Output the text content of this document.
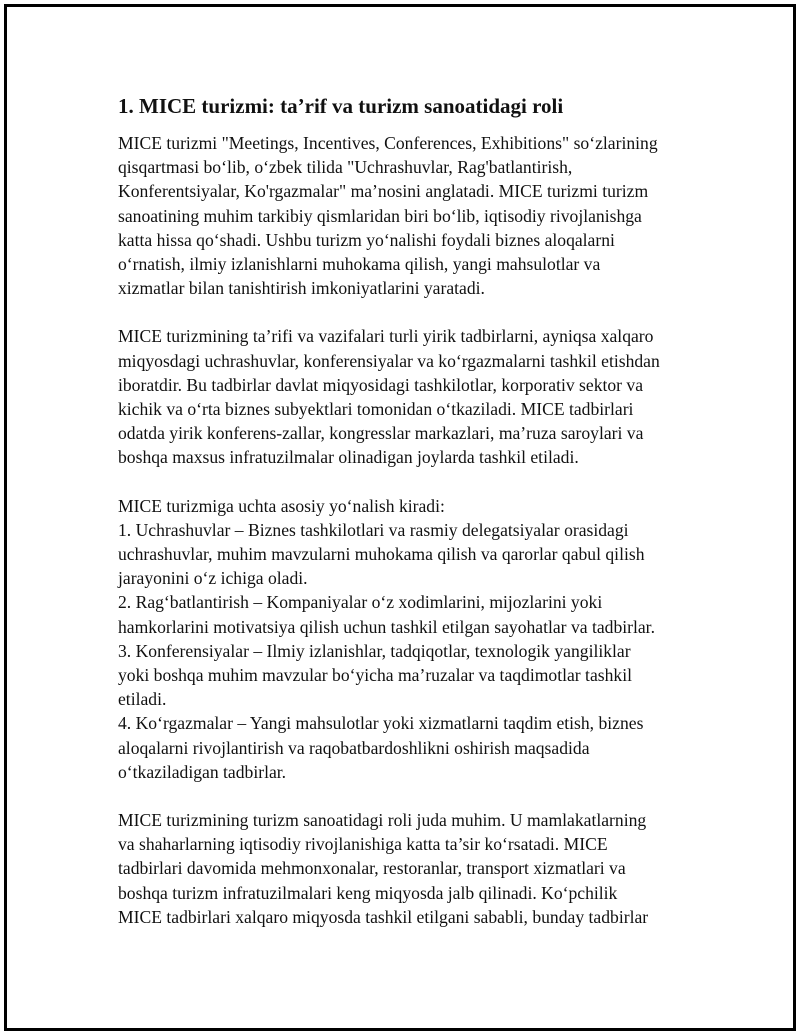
1. MICE turizmi: ta’rif va turizm sanoatidagi roli
MICE turizmi "Meetings, Incentives, Conferences, Exhibitions" so‘zlarining
qisqartmasi bo‘lib, o‘zbek tilida "Uchrashuvlar, Rag'batlantirish,
Konferentsiyalar, Ko'rgazmalar" ma’nosini anglatadi. MICE turizmi turizm
sanoatining muhim tarkibiy qismlaridan biri bo‘lib, iqtisodiy rivojlanishga
katta hissa qo‘shadi. Ushbu turizm yo‘nalishi foydali biznes aloqalarni
o‘rnatish, ilmiy izlanishlarni muhokama qilish, yangi mahsulotlar va
xizmatlar bilan tanishtirish imkoniyatlarini yaratadi.
MICE turizmining ta’rifi va vazifalari turli yirik tadbirlarni, ayniqsa xalqaro
miqyosdagi uchrashuvlar, konferensiyalar va ko‘rgazmalarni tashkil etishdan
iboratdir. Bu tadbirlar davlat miqyosidagi tashkilotlar, korporativ sektor va
kichik va o‘rta biznes subyektlari tomonidan o‘tkaziladi. MICE tadbirlari
odatda yirik konferens-zallar, kongresslar markazlari, ma’ruza saroylari va
boshqa maxsus infratuzilmalar olinadigan joylarda tashkil etiladi.
MICE turizmiga uchta asosiy yo‘nalish kiradi:
1. Uchrashuvlar – Biznes tashkilotlari va rasmiy delegatsiyalar orasidagi
uchrashuvlar, muhim mavzularni muhokama qilish va qarorlar qabul qilish
jarayonini o‘z ichiga oladi.
2. Rag‘batlantirish – Kompaniyalar o‘z xodimlarini, mijozlarini yoki
hamkorlarini motivatsiya qilish uchun tashkil etilgan sayohatlar va tadbirlar.
3. Konferensiyalar – Ilmiy izlanishlar, tadqiqotlar, texnologik yangiliklar
yoki boshqa muhim mavzular bo‘yicha ma’ruzalar va taqdimotlar tashkil
etiladi.
4. Ko‘rgazmalar – Yangi mahsulotlar yoki xizmatlarni taqdim etish, biznes
aloqalarni rivojlantirish va raqobatbardoshlikni oshirish maqsadida
o‘tkaziladigan tadbirlar.
MICE turizmining turizm sanoatidagi roli juda muhim. U mamlakatlarning
va shaharlarning iqtisodiy rivojlanishiga katta ta’sir ko‘rsatadi. MICE
tadbirlari davomida mehmonxonalar, restoranlar, transport xizmatlari va
boshqa turizm infratuzilmalari keng miqyosda jalb qilinadi. Ko‘pchilik
MICE tadbirlari xalqaro miqyosda tashkil etilgani sababli, bunday tadbirlar
